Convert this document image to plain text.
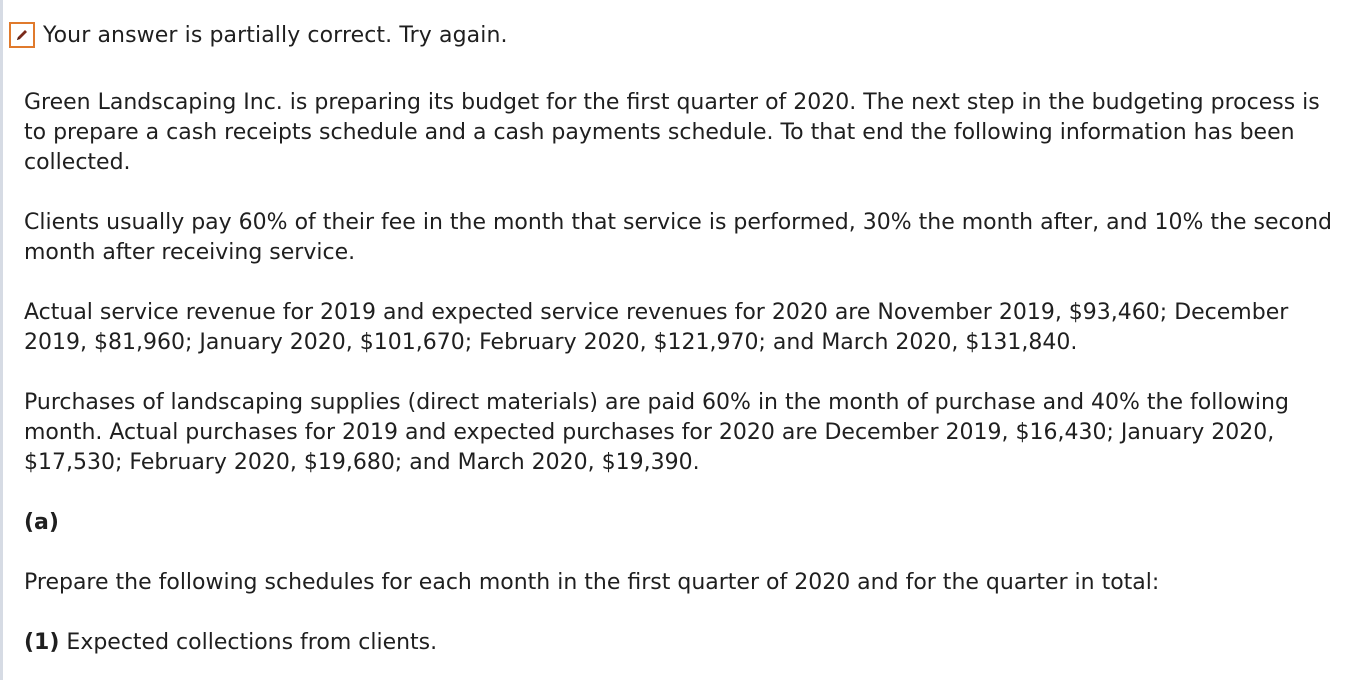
Your answer is partially correct. Try again.

Green Landscaping Inc. is preparing its budget for the first quarter of 2020. The next step in the budgeting process is to prepare a cash receipts schedule and a cash payments schedule. To that end the following information has been collected.

Clients usually pay 60% of their fee in the month that service is performed, 30% the month after, and 10% the second month after receiving service.

Actual service revenue for 2019 and expected service revenues for 2020 are November 2019, $93,460; December 2019, $81,960; January 2020, $101,670; February 2020, $121,970; and March 2020, $131,840.

Purchases of landscaping supplies (direct materials) are paid 60% in the month of purchase and 40% the following month. Actual purchases for 2019 and expected purchases for 2020 are December 2019, $16,430; January 2020, $17,530; February 2020, $19,680; and March 2020, $19,390.

(a)

Prepare the following schedules for each month in the first quarter of 2020 and for the quarter in total:

(1) Expected collections from clients.
